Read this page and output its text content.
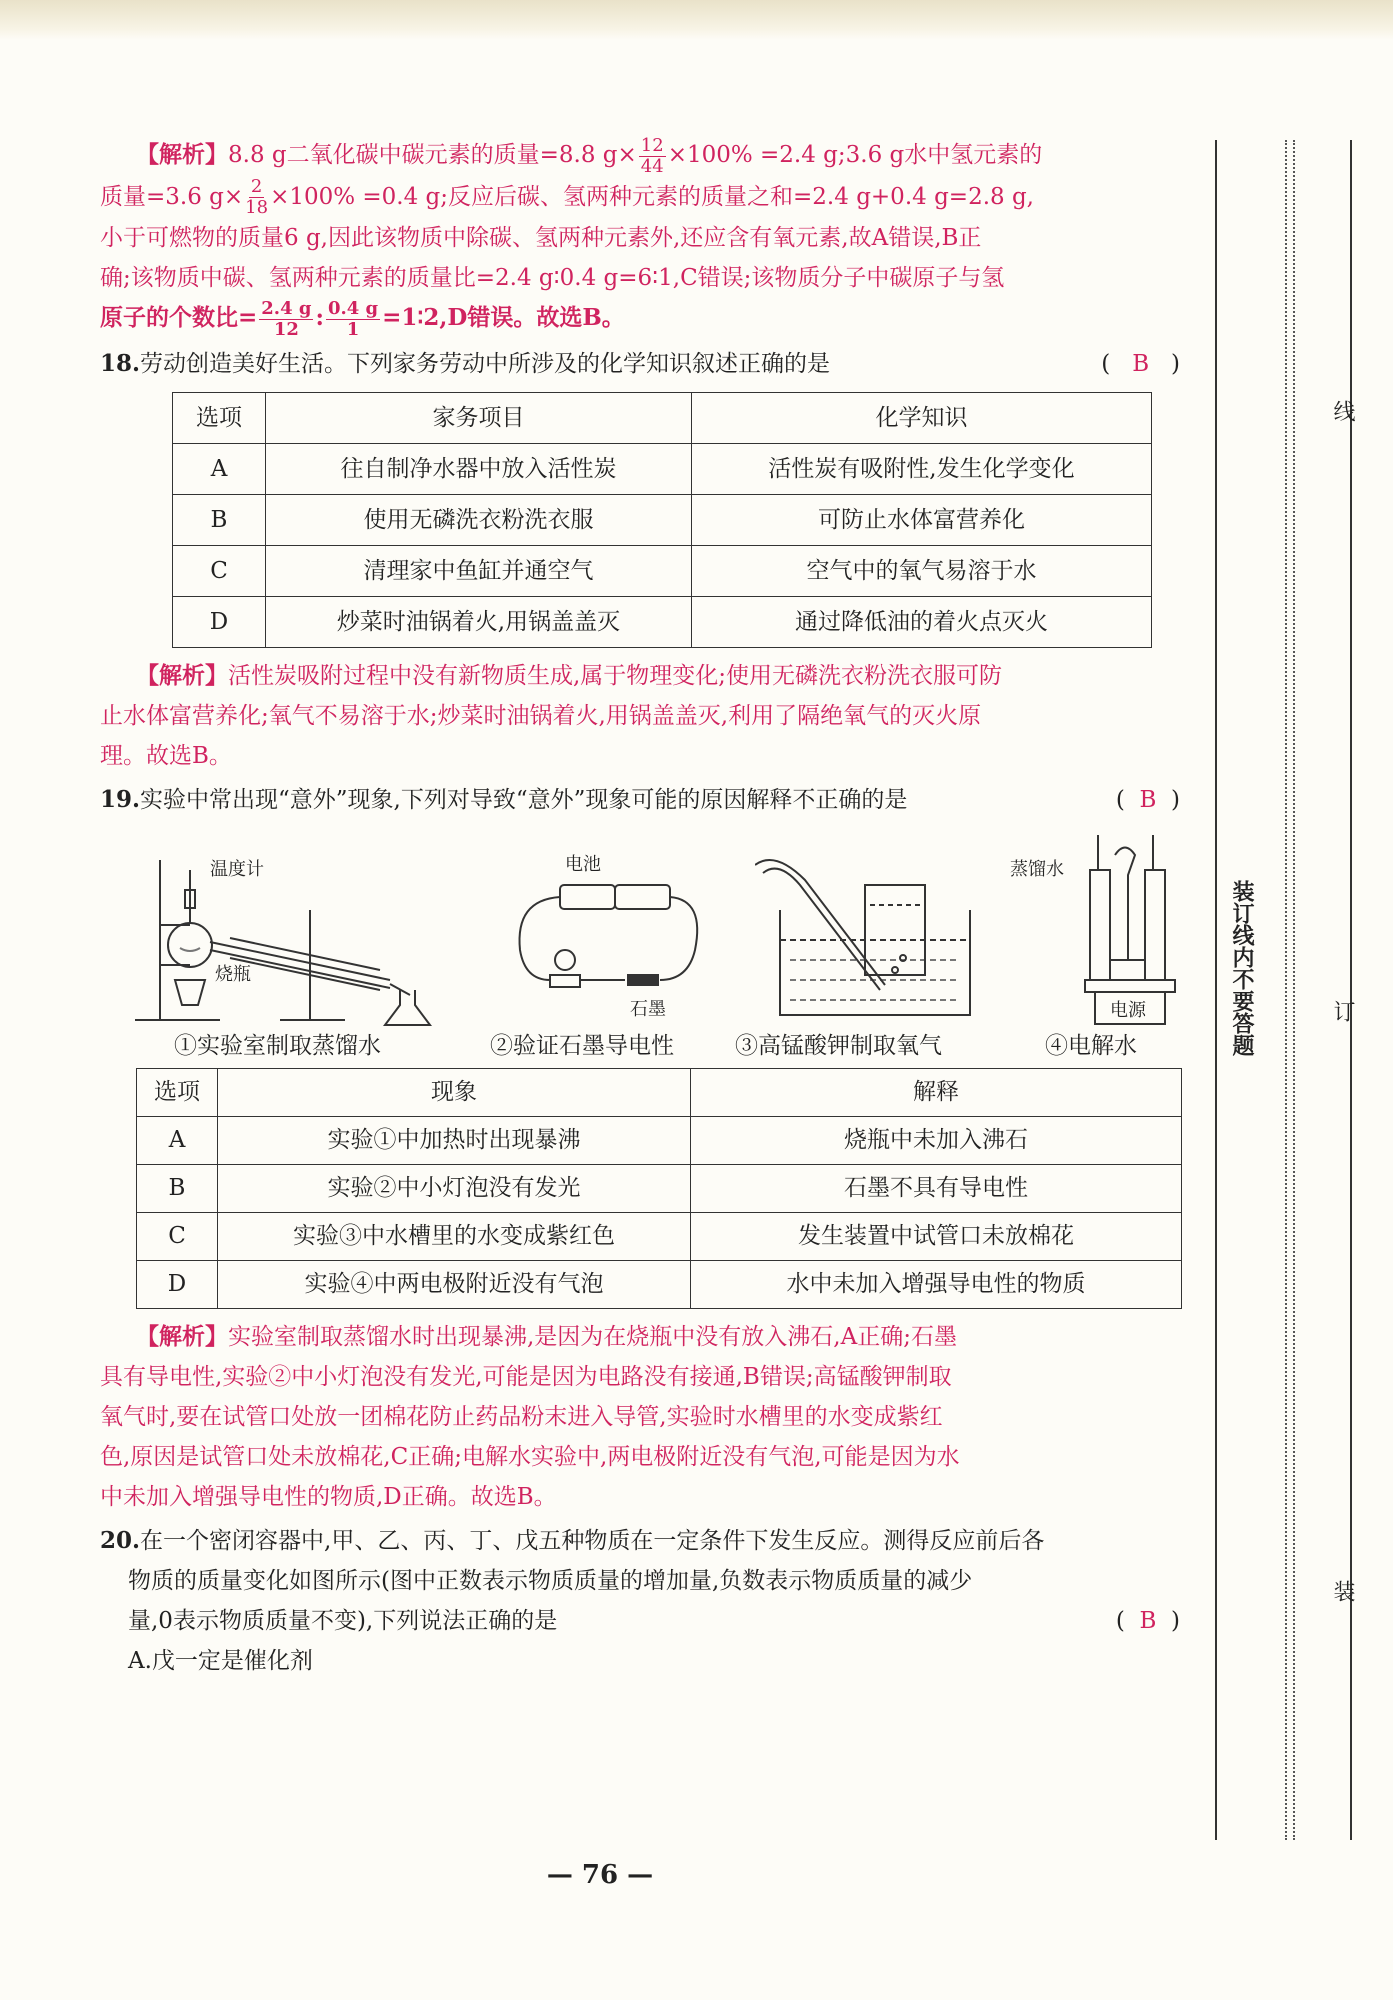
【解析】8.8 g二氧化碳中碳元素的质量=8.8 $g\times \frac{12}{44} \times 100\% =2.4$ g;3.6 g水中氢元素的
质量=3.6 $g\times \frac{2}{18} \times 100\% =0.4$ g;反应后碳、氢两种元素的质量之和=2.4 g+0.4 g=2.8 g,
小于可燃物的质量6 g,因此该物质中除碳、氢两种元素外,还应含有氧元素,故A错误,B正
确;该物质中碳、氢两种元素的质量比=2.4 g∶0.4 g=6∶1,C错误;该物质分子中碳原子与氢
原子的个数比= $\frac{2.4 g}{12}$ : $\frac{0.4 g}{1}$ =1∶2,D错误。故选B。
18.劳动创造美好生活。下列家务劳动中所涉及的化学知识叙述正确的是	(   B   )
选项	家务项目	化学知识
A	往自制净水器中放入活性炭	活性炭有吸附性,发生化学变化
B	使用无磷洗衣粉洗衣服	可防止水体富营养化
C	清理家中鱼缸并通空气	空气中的氧气易溶于水
D	炒菜时油锅着火,用锅盖盖灭	通过降低油的着火点灭火
【解析】活性炭吸附过程中没有新物质生成,属于物理变化;使用无磷洗衣粉洗衣服可防
止水体富营养化;氧气不易溶于水;炒菜时油锅着火,用锅盖盖灭,利用了隔绝氧气的灭火原
理。故选B。
19.实验中常出现“意外”现象,下列对导致“意外”现象可能的原因解释不正确的是	(  B  )
温度计
烧瓶
①实验室制取蒸馏水
电池
石墨
②验证石墨导电性	③高锰酸钾制取氧气
蒸馏水
电源
④电解水
选项	现象	解释
A	实验①中加热时出现暴沸	烧瓶中未加入沸石
B	实验②中小灯泡没有发光	石墨不具有导电性
C	实验③中水槽里的水变成紫红色	发生装置中试管口未放棉花
D	实验④中两电极附近没有气泡	水中未加入增强导电性的物质
【解析】实验室制取蒸馏水时出现暴沸,是因为在烧瓶中没有放入沸石,A正确;石墨
具有导电性,实验②中小灯泡没有发光,可能是因为电路没有接通,B错误;高锰酸钾制取
氧气时,要在试管口处放一团棉花防止药品粉末进入导管,实验时水槽里的水变成紫红
色,原因是试管口处未放棉花,C正确;电解水实验中,两电极附近没有气泡,可能是因为水
中未加入增强导电性的物质,D正确。故选B。
20.在一个密闭容器中,甲、乙、丙、丁、戊五种物质在一定条件下发生反应。测得反应前后各
物质的质量变化如图所示(图中正数表示物质质量的增加量,负数表示物质质量的减少
量,0表示物质质量不变),下列说法正确的是	(  B  )
A.戊一定是催化剂
— 76 —
线
装订线内不要答题	订
装
